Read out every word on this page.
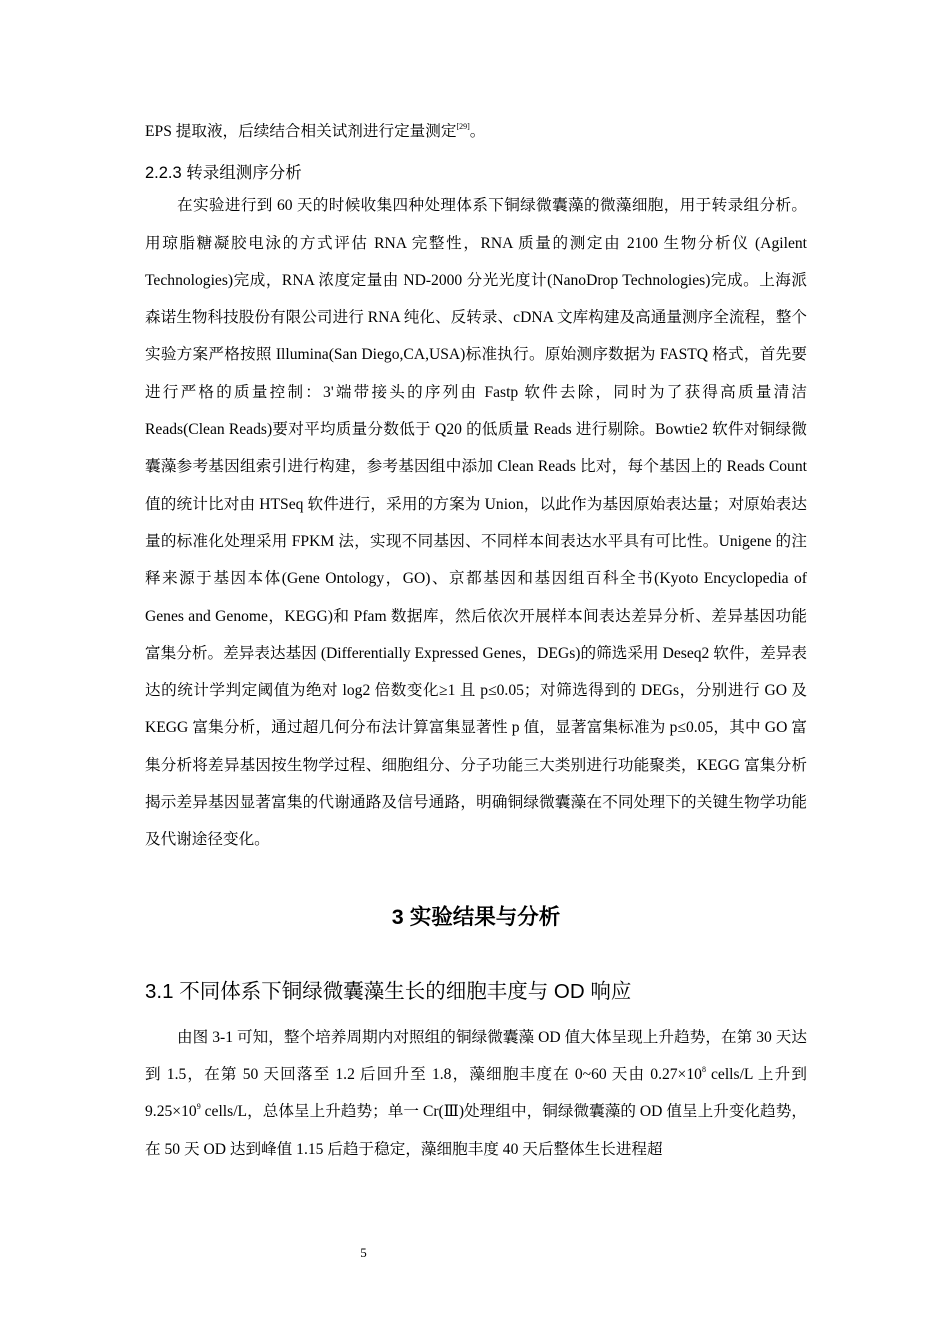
EPS 提取液，后续结合相关试剂进行定量测定[29]。

2.2.3 转录组测序分析

在实验进行到 60 天的时候收集四种处理体系下铜绿微囊藻的微藻细胞，用于转录组分析。用琼脂糖凝胶电泳的方式评估 RNA 完整性，RNA 质量的测定由 2100 生物分析仪 (Agilent Technologies)完成，RNA 浓度定量由 ND-2000 分光光度计(NanoDrop Technologies)完成。上海派森诺生物科技股份有限公司进行 RNA 纯化、反转录、cDNA 文库构建及高通量测序全流程，整个实验方案严格按照 Illumina(San Diego,CA,USA)标准执行。原始测序数据为 FASTQ 格式，首先要进行严格的质量控制：3'端带接头的序列由 Fastp 软件去除，同时为了获得高质量清洁 Reads(Clean Reads)要对平均质量分数低于 Q20 的低质量 Reads 进行剔除。Bowtie2 软件对铜绿微囊藻参考基因组索引进行构建，参考基因组中添加 Clean Reads 比对，每个基因上的 Reads Count 值的统计比对由 HTSeq 软件进行，采用的方案为 Union，以此作为基因原始表达量；对原始表达量的标准化处理采用 FPKM 法，实现不同基因、不同样本间表达水平具有可比性。Unigene 的注释来源于基因本体(Gene Ontology，GO)、京都基因和基因组百科全书(Kyoto Encyclopedia of Genes and Genome，KEGG)和 Pfam 数据库，然后依次开展样本间表达差异分析、差异基因功能富集分析。差异表达基因 (Differentially Expressed Genes，DEGs)的筛选采用 Deseq2 软件，差异表达的统计学判定阈值为绝对 log2 倍数变化≥1 且 p≤0.05；对筛选得到的 DEGs，分别进行 GO 及 KEGG 富集分析，通过超几何分布法计算富集显著性 p 值，显著富集标准为 p≤0.05，其中 GO 富集分析将差异基因按生物学过程、细胞组分、分子功能三大类别进行功能聚类，KEGG 富集分析揭示差异基因显著富集的代谢通路及信号通路，明确铜绿微囊藻在不同处理下的关键生物学功能及代谢途径变化。

3 实验结果与分析
3.1 不同体系下铜绿微囊藻生长的细胞丰度与 OD 响应

由图 3-1 可知，整个培养周期内对照组的铜绿微囊藻 OD 值大体呈现上升趋势，在第 30 天达到 1.5，在第 50 天回落至 1.2 后回升至 1.8，藻细胞丰度在 0~60 天由 $0.27\times 10^8$ cells/L 上升到 $9.25\times 10^9$ cells/L，总体呈上升趋势；单一 Cr(Ⅲ)处理组中，铜绿微囊藻的 OD 值呈上升变化趋势，在 50 天 OD 达到峰值 1.15 后趋于稳定，藻细胞丰度 40 天后整体生长进程超

5
